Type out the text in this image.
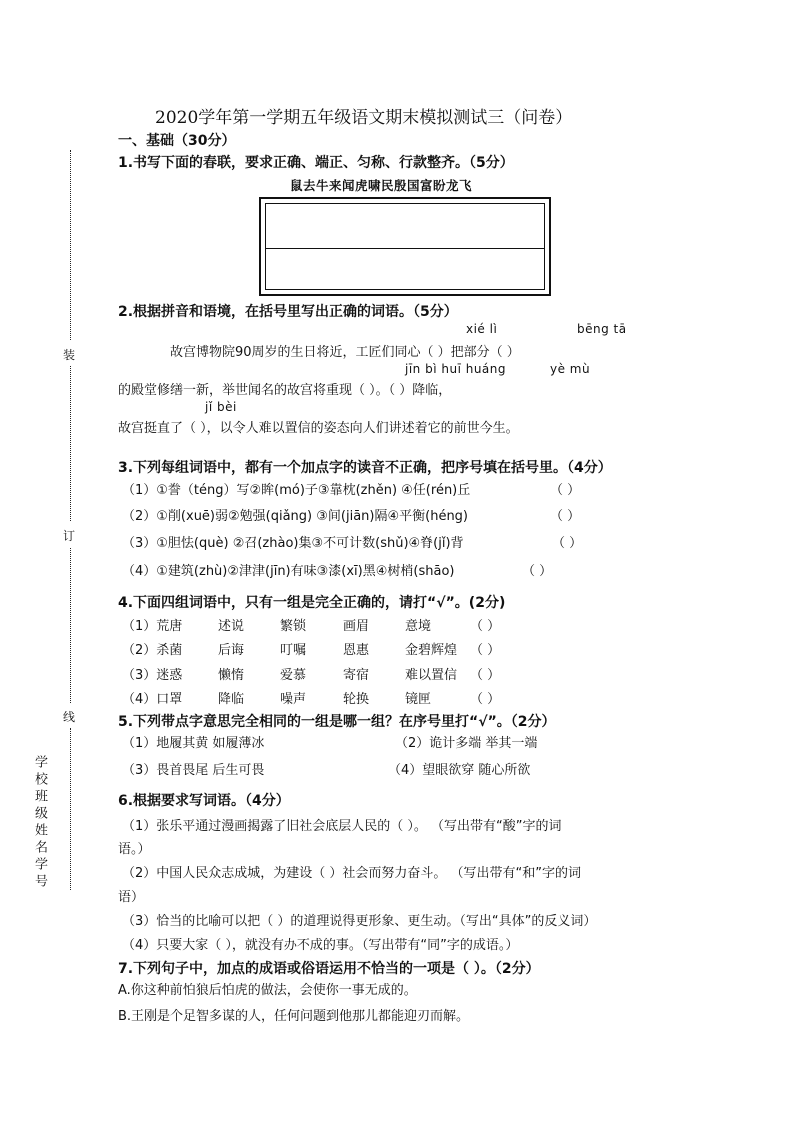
装
订
线
学校班级姓名学号
2020学年第一学期五年级语文期末模拟测试三（问卷）
一、基础（30分）
1.书写下面的春联，要求正确、端正、匀称、行款整齐。（5分）
鼠去牛来闻虎啸民殷国富盼龙飞
2.根据拼音和语境，在括号里写出正确的词语。（5分）
xié lì	bēng tā
故宫博物院90周岁的生日将近，工匠们同心（ ）把部分（ ）
jīn bì huī huáng	yè mù
的殿堂修缮一新，举世闻名的故宫将重现（ ）。（ ）降临，
jǐ bèi
故宫挺直了（ ），以令人难以置信的姿态向人们讲述着它的前世今生。
3.下列每组词语中，都有一个加点字的读音不正确，把序号填在括号里。（4分）
（1）①誊（téng）写②眸(mó)子③靠枕(zhěn) ④任(rén)丘	（ ）
（2）①削(xuē)弱②勉强(qiǎng) ③间(jiān)隔④平衡(héng)	（ ）
（3）①胆怯(què) ②召(zhào)集③不可计数(shǔ)④脊(jǐ)背	（ ）
（4）①建筑(zhù)②津津(jīn)有味③漆(xī)黑④树梢(shāo)	（ ）
4.下面四组词语中，只有一组是完全正确的，请打“√”。(2分)
（1）荒唐	述说	繁锁	画眉	意境	（ ）
（2）杀菌	后诲	叮嘱	恩惠	金碧辉煌 （ ）
（3）迷惑	懒惰	爱慕	寄宿	难以置信 （ ）
（4）口罩	降临	噪声	轮换	镜匣	（ ）
5.下列带点字意思完全相同的一组是哪一组？在序号里打“√”。（2分）
（1）地履其黄 如履薄冰	（2）诡计多端 举其一端
（3）畏首畏尾 后生可畏	（4）望眼欲穿 随心所欲
6.根据要求写词语。（4分）
（1）张乐平通过漫画揭露了旧社会底层人民的（ ）。 （写出带有“酸”字的词
语。）
（2）中国人民众志成城，为建设（ ）社会而努力奋斗。 （写出带有“和”字的词
语）
（3）恰当的比喻可以把（ ）的道理说得更形象、更生动。（写出“具体”的反义词）
（4）只要大家（ ），就没有办不成的事。（写出带有“同”字的成语。）
7.下列句子中，加点的成语或俗语运用不恰当的一项是（ ）。（2分）
A.你这种前怕狼后怕虎的做法，会使你一事无成的。
B.王刚是个足智多谋的人，任何问题到他那儿都能迎刃而解。
